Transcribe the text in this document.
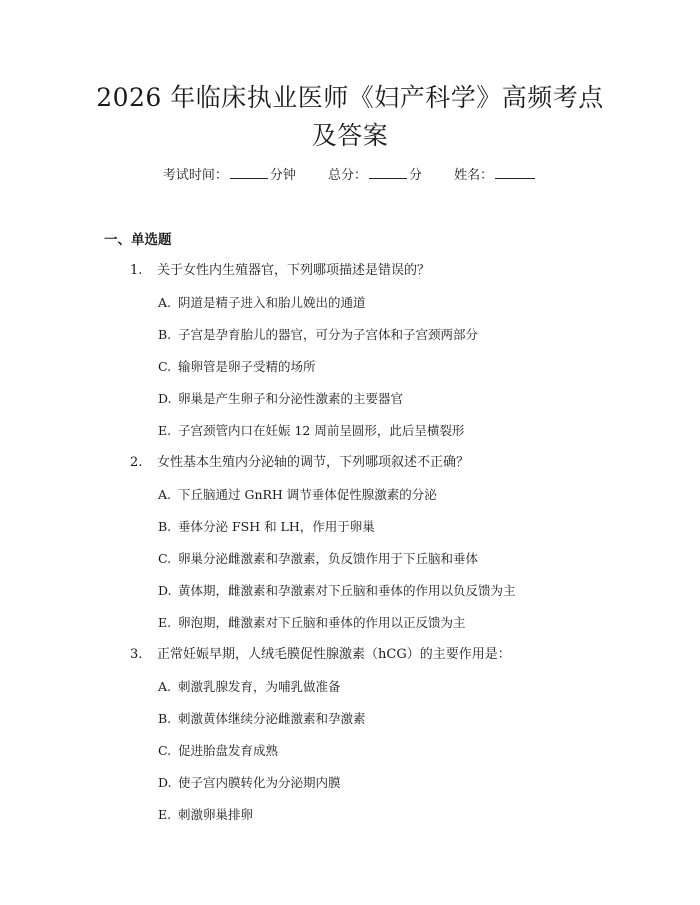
2026 年临床执业医师《妇产科学》高频考点
及答案
考试时间：	分钟 总分：	分 姓名：
一、单选题
1. 关于女性内生殖器官，下列哪项描述是错误的？
A. 阴道是精子进入和胎儿娩出的通道
B. 子宫是孕育胎儿的器官，可分为子宫体和子宫颈两部分
C. 输卵管是卵子受精的场所
D. 卵巢是产生卵子和分泌性激素的主要器官
E. 子宫颈管内口在妊娠 12 周前呈圆形，此后呈横裂形
2. 女性基本生殖内分泌轴的调节，下列哪项叙述不正确？
A. 下丘脑通过 GnRH 调节垂体促性腺激素的分泌
B. 垂体分泌 FSH 和 LH，作用于卵巢
C. 卵巢分泌雌激素和孕激素，负反馈作用于下丘脑和垂体
D. 黄体期，雌激素和孕激素对下丘脑和垂体的作用以负反馈为主
E. 卵泡期，雌激素对下丘脑和垂体的作用以正反馈为主
3. 正常妊娠早期，人绒毛膜促性腺激素（hCG）的主要作用是：
A. 刺激乳腺发育，为哺乳做准备
B. 刺激黄体继续分泌雌激素和孕激素
C. 促进胎盘发育成熟
D. 使子宫内膜转化为分泌期内膜
E. 刺激卵巢排卵
